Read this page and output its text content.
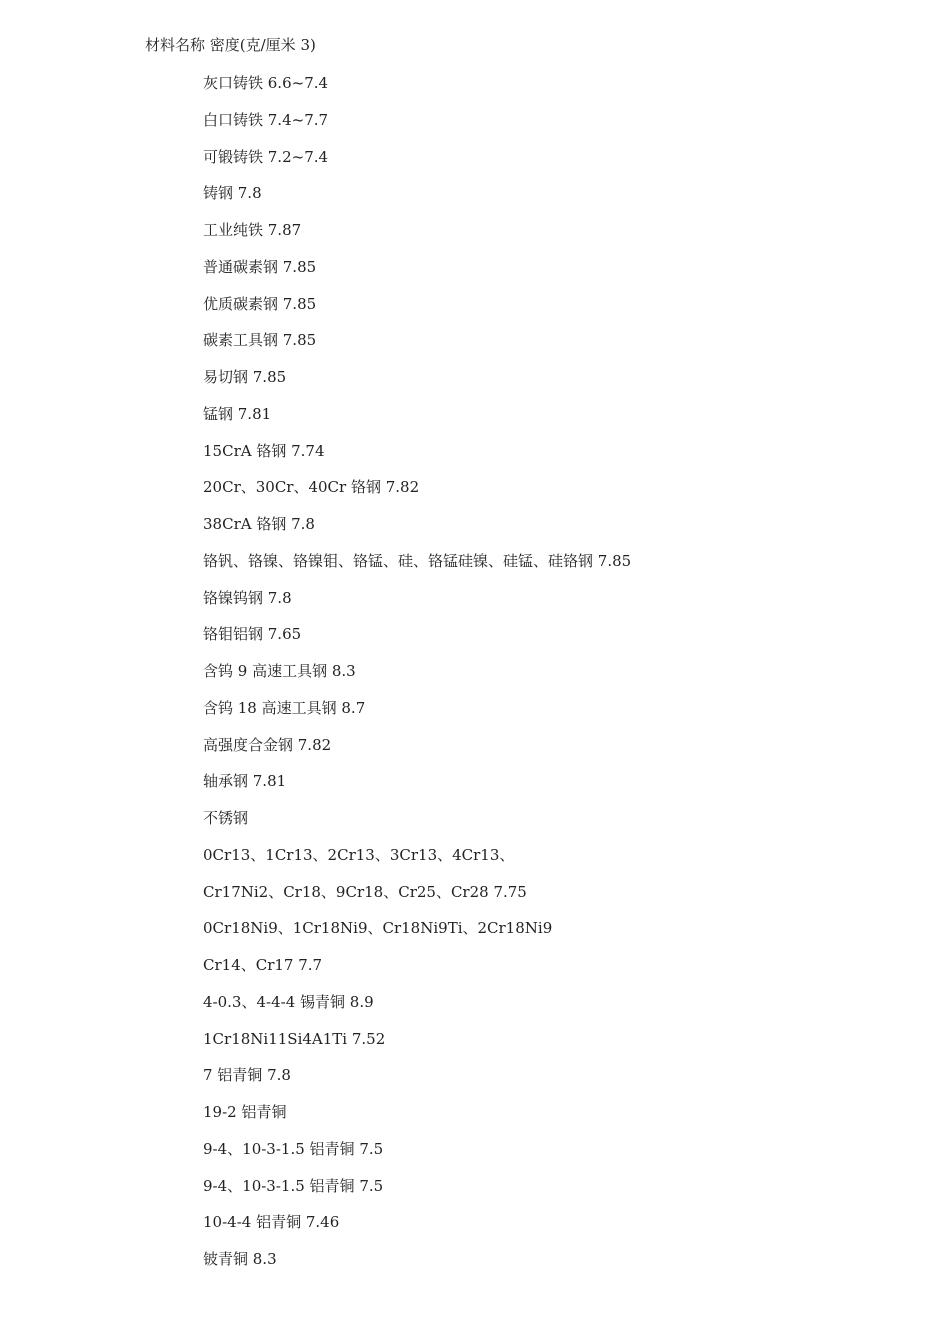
材料名称 密度(克/厘米 3)
灰口铸铁 6.6~7.4
白口铸铁 7.4~7.7
可锻铸铁 7.2~7.4
铸钢 7.8
工业纯铁 7.87
普通碳素钢 7.85
优质碳素钢 7.85
碳素工具钢 7.85
易切钢 7.85
锰钢 7.81
15CrA 铬钢 7.74
20Cr、30Cr、40Cr 铬钢 7.82
38CrA 铬钢 7.8
铬钒、铬镍、铬镍钼、铬锰、硅、铬锰硅镍、硅锰、硅铬钢 7.85
铬镍钨钢 7.8
铬钼铝钢 7.65
含钨 9 高速工具钢 8.3
含钨 18 高速工具钢 8.7
高强度合金钢 7.82
轴承钢 7.81
不锈钢
0Cr13、1Cr13、2Cr13、3Cr13、4Cr13、
Cr17Ni2、Cr18、9Cr18、Cr25、Cr28 7.75
0Cr18Ni9、1Cr18Ni9、Cr18Ni9Ti、2Cr18Ni9
Cr14、Cr17 7.7
4-0.3、4-4-4 锡青铜 8.9
1Cr18Ni11Si4A1Ti 7.52
7 铝青铜 7.8
19-2 铝青铜
9-4、10-3-1.5 铝青铜 7.5
9-4、10-3-1.5 铝青铜 7.5
10-4-4 铝青铜 7.46
铍青铜 8.3
